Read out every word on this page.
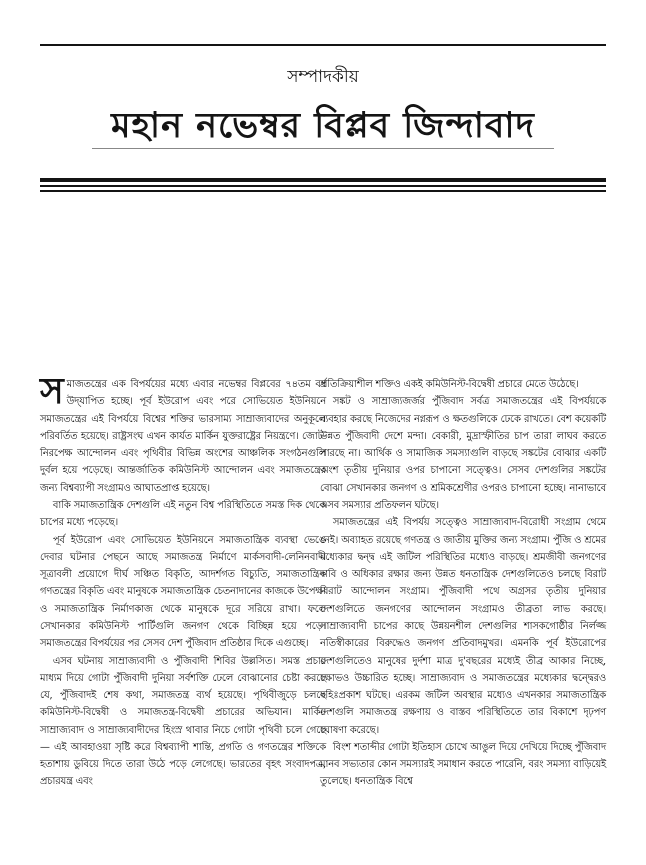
সম্পাদকীয়
মহান নভেম্বর বিপ্লব জিন্দাবাদ

সমাজতন্ত্রের এক বিপর্যয়ের মধ্যে এবার নভেম্বর বিপ্লবের ৭৪তম বর্ষ উদ্‌যাপিত হচ্ছে। পূর্ব ইউরোপ এবং পরে সোভিয়েত ইউনিয়নে সমাজতন্ত্রের এই বিপর্যয়ে বিশ্বের শক্তির ভারসাম্য সাম্রাজ্যবাদের অনুকূলে পরিবর্তিত হয়েছে। রাষ্ট্রসংঘ এখন কার্যত মার্কিন যুক্তরাষ্ট্রের নিয়ন্ত্রণে। জোট-নিরপেক্ষ আন্দোলন এবং পৃথিবীর বিভিন্ন অংশের আঞ্চলিক সংগঠনগুলি দুর্বল হয়ে পড়েছে। আন্তর্জাতিক কমিউনিস্ট আন্দোলন এবং সমাজতন্ত্রের জন্য বিশ্বব্যাপী সংগ্রামও আঘাতপ্রাপ্ত হয়েছে।

বাকি সমাজতান্ত্রিক দেশগুলি এই নতুন বিশ্ব পরিস্থিতিতে সমস্ত দিক থেকে চাপের মধ্যে পড়েছে।

পূর্ব ইউরোপ এবং সোভিয়েত ইউনিয়নে সমাজতান্ত্রিক ব্যবস্থা ভেঙে দেবার ঘটনার পেছনে আছে সমাজতন্ত্র নির্মাণে মার্কসবাদী-লেনিনবাদী সূত্রাবলী প্রয়োগে দীর্ঘ সঞ্চিত বিকৃতি, আদর্শগত বিচ্যুতি, সমাজতান্ত্রিক গণতন্ত্রের বিকৃতি এবং মানুষকে সমাজতান্ত্রিক চেতনাদানের কাজকে উপেক্ষা ও সমাজতান্ত্রিক নির্মাণকাজ থেকে মানুষকে দূরে সরিয়ে রাখা। ফলে সেখানকার কমিউনিস্ট পার্টিগুলি জনগণ থেকে বিচ্ছিন্ন হয়ে পড়ে। সমাজতন্ত্রের বিপর্যয়ের পর সেসব দেশ পুঁজিবাদ প্রতিষ্ঠার দিকে এগুচ্ছে।

এসব ঘটনায় সাম্রাজ্যবাদী ও পুঁজিবাদী শিবির উল্লসিত। সমস্ত প্রচার মাধ্যম দিয়ে গোটা পুঁজিবাদী দুনিয়া সর্বশক্তি ঢেলে বোঝানোর চেষ্টা করছে যে, পুঁজিবাদই শেষ কথা, সমাজতন্ত্র ব্যর্থ হয়েছে। পৃথিবীজুড়ে চলছে কমিউনিস্ট-বিদ্বেষী ও সমাজতন্ত্র-বিদ্বেষী প্রচারের অভিযান। মার্কিন সাম্রাজ্যবাদ ও সাম্রাজ্যবাদীদের হিংস্র থাবার নিচে গোটা পৃথিবী চলে গেছে — এই আবহাওয়া সৃষ্টি করে বিশ্বব্যাপী শান্তি, প্রগতি ও গণতন্ত্রের শক্তিকে হতাশায় ডুবিয়ে দিতে তারা উঠে পড়ে লেগেছে। ভারতের বৃহৎ সংবাদপত্র, প্রচারযন্ত্র এবং

প্রতিক্রিয়াশীল শক্তিও একই কমিউনিস্ট-বিদ্বেষী প্রচারে মেতে উঠেছে।

সঙ্কট ও সাম্রাজ্যজর্জর পুঁজিবাদ সর্বত্র সমাজতন্ত্রের এই বিপর্যয়কে ব্যবহার করছে নিজেদের নগ্নরূপ ও ক্ষতগুলিকে ঢেকে রাখতে। বেশ কয়েকটি উন্নত পুঁজিবাদী দেশে মন্দা। বেকারী, মুদ্রাস্ফীতির চাপ তারা লাঘব করতে পারছে না। আর্থিক ও সামাজিক সমস্যাগুলি বাড়ছে সঙ্কটের বোঝার একটি অংশ তৃতীয় দুনিয়ার ওপর চাপানো সত্ত্বেও। সেসব দেশগুলির সঙ্কটের বোঝা সেখানকার জনগণ ও শ্রমিকশ্রেণীর ওপরও চাপানো হচ্ছে। নানাভাবে এসব সমস্যার প্রতিফলন ঘটছে।

সমাজতন্ত্রের এই বিপর্যয় সত্ত্বেও সাম্রাজ্যবাদ-বিরোধী সংগ্রাম থেমে নেই। অব্যাহত রয়েছে গণতন্ত্র ও জাতীয় মুক্তির জন্য সংগ্রাম। পুঁজি ও শ্রমের মধ্যেকার দ্বন্দ্ব এই জটিল পরিস্থিতির মধ্যেও বাড়ছে। শ্রমজীবী জনগণের দাবি ও অধিকার রক্ষার জন্য উন্নত ধনতান্ত্রিক দেশগুলিতেও চলছে বিরাট বিরাট আন্দোলন সংগ্রাম। পুঁজিবাদী পথে অগ্রসর তৃতীয় দুনিয়ার দেশগুলিতে জনগণের আন্দোলন সংগ্রামও তীব্রতা লাভ করছে। সাম্রাজ্যবাদী চাপের কাছে উন্নয়নশীল দেশগুলির শাসকগোষ্ঠীর নির্লজ্জ নতিস্বীকারের বিরুদ্ধেও জনগণ প্রতিবাদমুখর। এমনকি পূর্ব ইউরোপের দেশগুলিতেও মানুষের দুর্দশা মাত্র দু'বছরের মধ্যেই তীব্র আকার নিচ্ছে, ক্ষোভও উচ্চারিত হচ্ছে। সাম্রাজ্যবাদ ও সমাজতন্ত্রের মধ্যেকার দ্বন্দ্বেরও বহিঃপ্রকাশ ঘটছে। এরকম জটিল অবস্থার মধ্যেও এখনকার সমাজতান্ত্রিক দেশগুলি সমাজতন্ত্র রক্ষণায় ও বাস্তব পরিস্থিতিতে তার বিকাশে দৃঢ়পণ ঘোষণা করেছে।

বিংশ শতাব্দীর গোটা ইতিহাস চোখে আঙুল দিয়ে দেখিয়ে দিচ্ছে পুঁজিবাদ মানব সভ্যতার কোন সমস্যারই সমাধান করতে পারেনি, বরং সমস্যা বাড়িয়েই তুলেছে। ধনতান্ত্রিক বিশ্বে
